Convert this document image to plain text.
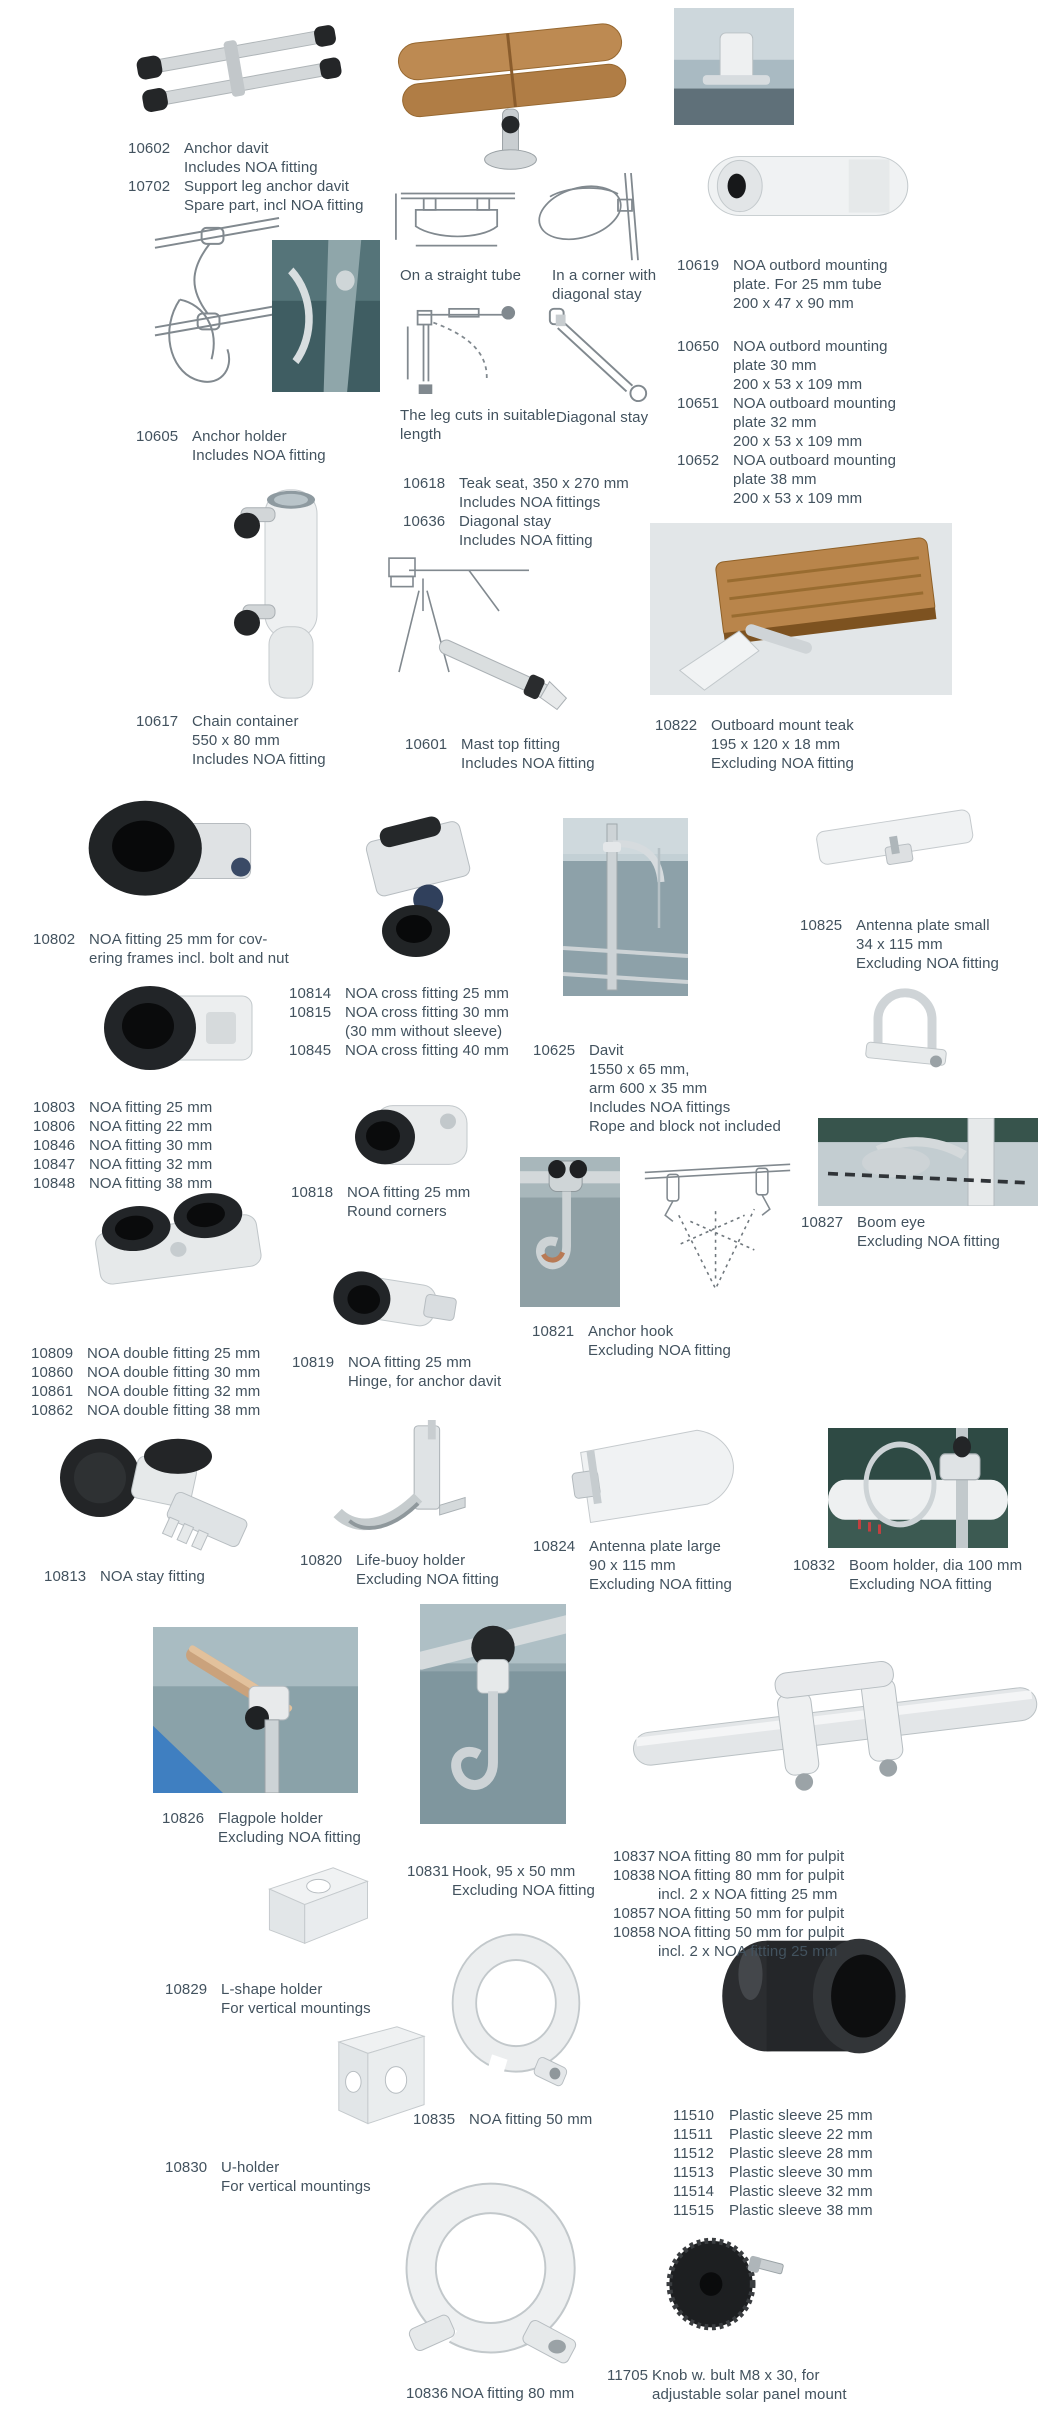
On a straight tube In a corner with
diagonal stay
The leg cuts in suitable
length
Diagonal stay
10602 Anchor davit
Includes NOA fitting
10702 Support leg anchor davit
Spare part, incl NOA fitting
10605 Anchor holder
Includes NOA fitting
10617 Chain container
550 x 80 mm
Includes NOA fitting
10618 Teak seat, 350 x 270 mm
Includes NOA fittings
10636 Diagonal stay
Includes NOA fitting
10601 Mast top fitting
Includes NOA fitting
10619 NOA outbord mounting
plate. For 25 mm tube
200 x 47 x 90 mm
10650 NOA outbord mounting
plate 30 mm
200 x 53 x 109 mm
10651 NOA outboard mounting
plate 32 mm
200 x 53 x 109 mm
10652 NOA outboard mounting
plate 38 mm
200 x 53 x 109 mm
10822 Outboard mount teak
195 x 120 x 18 mm
Excluding NOA fitting
10802 NOA fitting 25 mm for cov-
ering frames incl. bolt and nut
10814 NOA cross fitting 25 mm
10815 NOA cross fitting 30 mm
(30 mm without sleeve)
10845 NOA cross fitting 40 mm 10625 Davit
1550 x 65 mm,
arm 600 x 35 mm
Includes NOA fittings
Rope and block not included
10825 Antenna plate small
34 x 115 mm
Excluding NOA fitting
10803 NOA fitting 25 mm
10806 NOA fitting 22 mm
10846 NOA fitting 30 mm
10847 NOA fitting 32 mm
10848 NOA fitting 38 mm
10818 NOA fitting 25 mm
Round corners
10827 Boom eye
Excluding NOA fitting
10809 NOA double fitting 25 mm
10860 NOA double fitting 30 mm
10861 NOA double fitting 32 mm
10862 NOA double fitting 38 mm
10819 NOA fitting 25 mm
Hinge, for anchor davit
10821 Anchor hook
Excluding NOA fitting
10813 NOA stay fitting
10820 Life-buoy holder
Excluding NOA fitting
10824 Antenna plate large
90 x 115 mm
Excluding NOA fitting
10832 Boom holder, dia 100 mm
Excluding NOA fitting
10826 Flagpole holder
Excluding NOA fitting
10831 Hook, 95 x 50 mm
Excluding NOA fitting
10837 NOA fitting 80 mm for pulpit
10838 NOA fitting 80 mm for pulpit
incl. 2 x NOA fitting 25 mm
10857 NOA fitting 50 mm for pulpit
10858 NOA fitting 50 mm for pulpit
incl. 2 x NOA fitting 25 mm
10829 L-shape holder
For vertical mountings
10830 U-holder
For vertical mountings
10835 NOA fitting 50 mm	11510 Plastic sleeve 25 mm
11511	Plastic sleeve 22 mm
11512 Plastic sleeve 28 mm
11513 Plastic sleeve 30 mm
11514 Plastic sleeve 32 mm
11515 Plastic sleeve 38 mm
10836 NOA fitting 80 mm
11705 Knob w. bult M8 x 30, for
adjustable solar panel mount
